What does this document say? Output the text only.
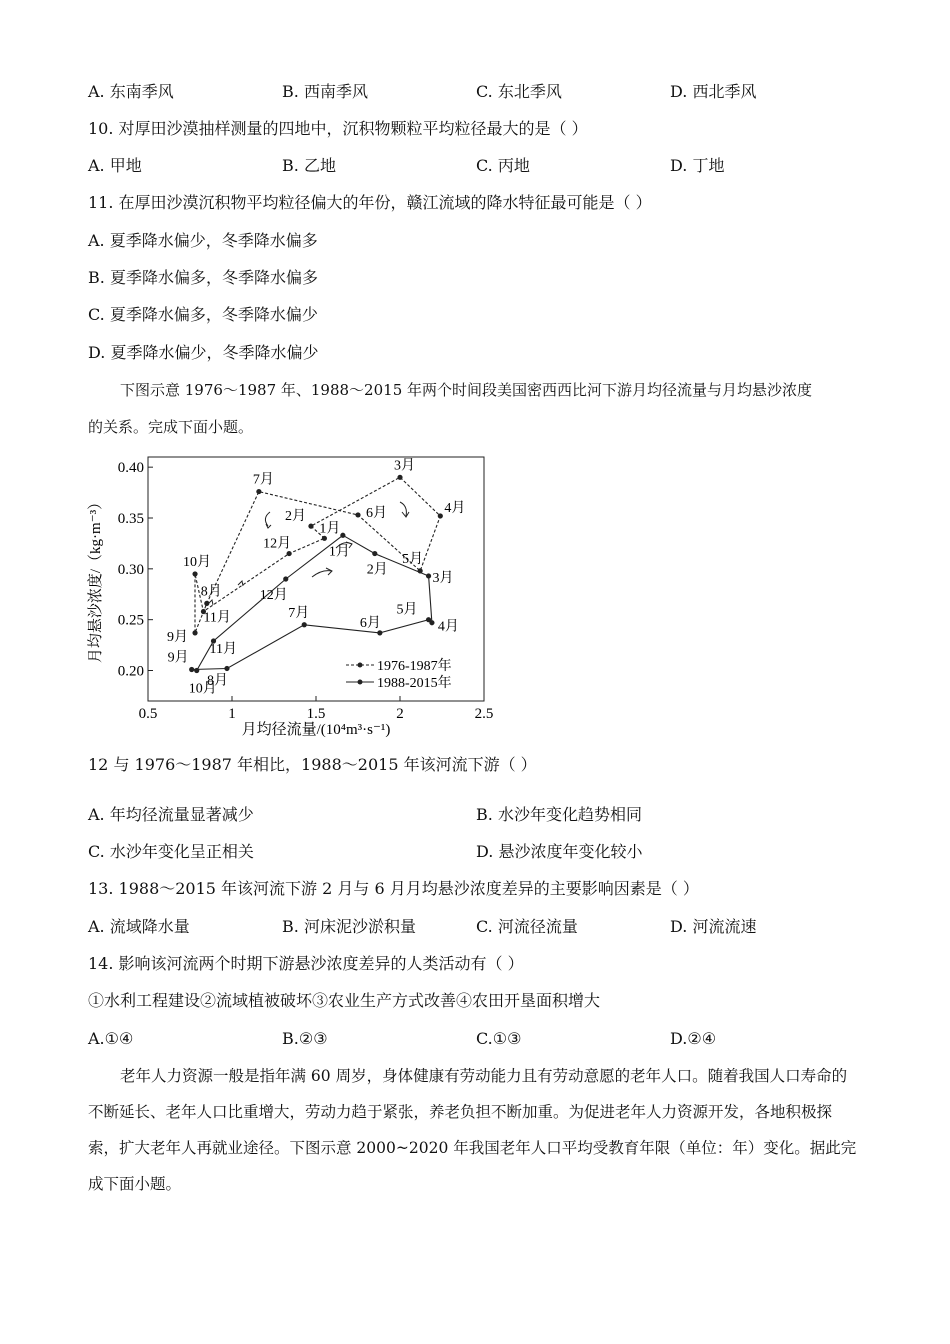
A. 东南季风	B. 西南季风	C. 东北季风	D. 西北季风
10. 对厚田沙漠抽样测量的四地中，沉积物颗粒平均粒径最大的是（ ）
A. 甲地	B. 乙地	C. 丙地	D. 丁地
11. 在厚田沙漠沉积物平均粒径偏大的年份，赣江流域的降水特征最可能是（ ）
A. 夏季降水偏少，冬季降水偏多
B. 夏季降水偏多，冬季降水偏多
C. 夏季降水偏多，冬季降水偏少
D. 夏季降水偏少，冬季降水偏少
下图示意 1976～1987 年、1988～2015 年两个时间段美国密西西比河下游月均径流量与月均悬沙浓度
的关系。完成下面小题。
0.20
0.25
0.30
0.35
0.40
0.5	1	1.5	2	2.5
1月
2月
3月
4月
5月
6月
7月
8月
9月
10月
11月
12月
1月
2月
3月
4月
5月
6月
7月
8月
9月
10月
11月
12月
月均径流量/(10⁴m³·s⁻¹)
月均悬沙浓度/（kg·m⁻³）
1976-1987年
1988-2015年
12 与 1976～1987 年相比，1988～2015 年该河流下游（ ）
A. 年均径流量显著减少	B. 水沙年变化趋势相同
C. 水沙年变化呈正相关	D. 悬沙浓度年变化较小
13. 1988～2015 年该河流下游 2 月与 6 月月均悬沙浓度差异的主要影响因素是（ ）
A. 流域降水量	B. 河床泥沙淤积量	C. 河流径流量	D. 河流流速
14. 影响该河流两个时期下游悬沙浓度差异的人类活动有（ ）
①水利工程建设②流域植被破坏③农业生产方式改善④农田开垦面积增大
A.①④	B.②③	C.①③	D.②④
老年人力资源一般是指年满 60 周岁，身体健康有劳动能力且有劳动意愿的老年人口。随着我国人口寿命的不断延长、老年人口比重增大，劳动力趋于紧张，养老负担不断加重。为促进老年人力资源开发，各地积极探索，扩大老年人再就业途径。下图示意 2000~2020 年我国老年人口平均受教育年限（单位：年）变化。据此完成下面小题。
